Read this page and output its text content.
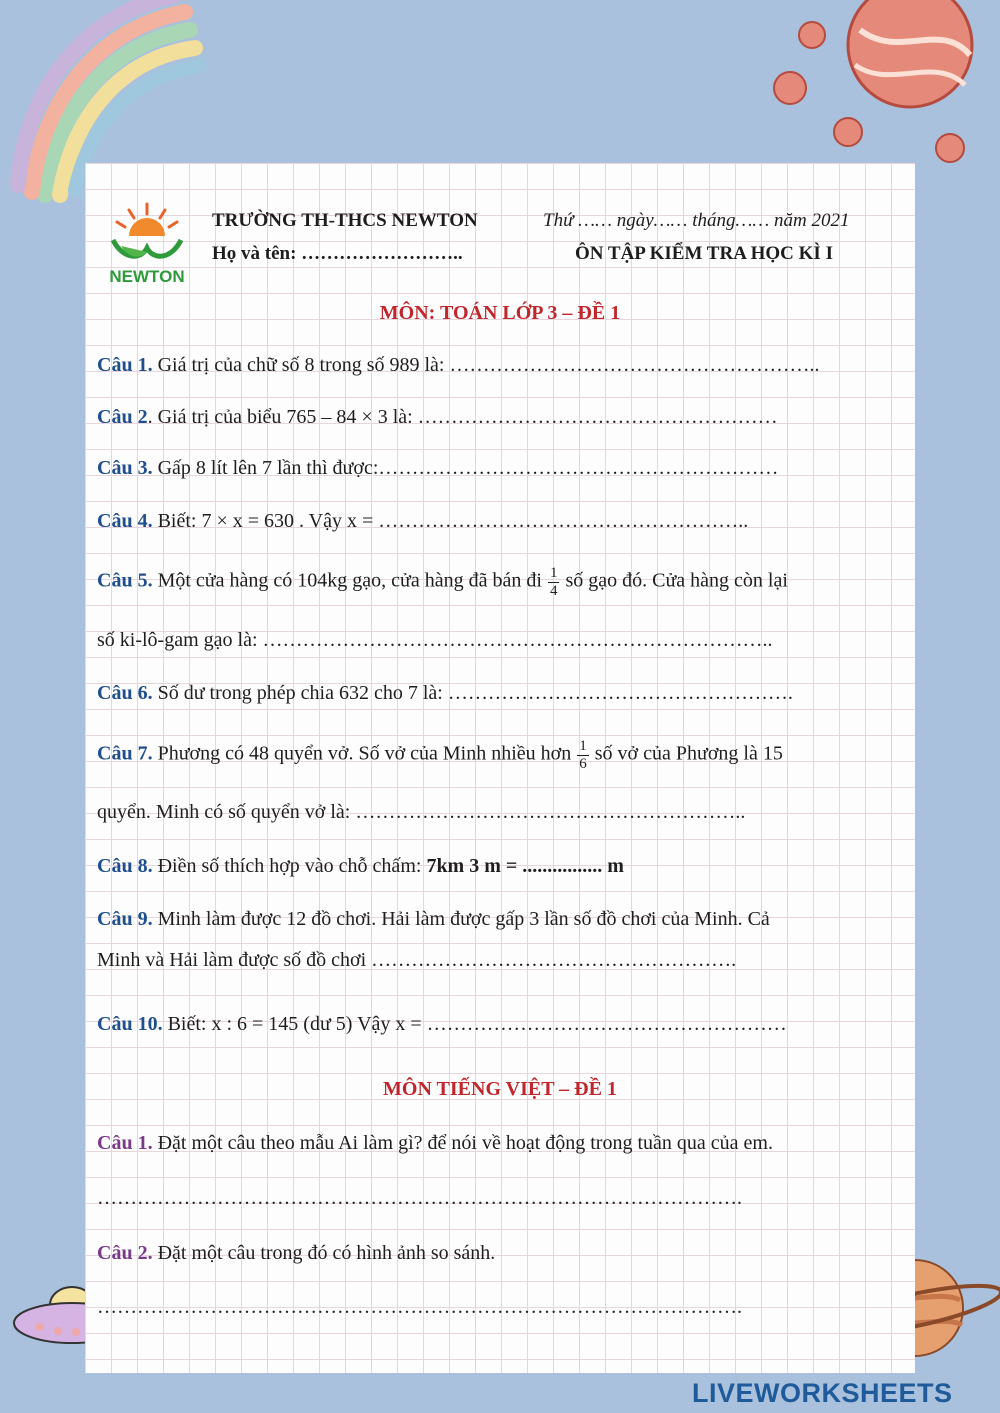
NEWTON
TRƯỜNG TH-THCS NEWTON
Họ và tên: ……………………..
Thứ …… ngày…… tháng…… năm 2021
ÔN TẬP KIỂM TRA HỌC KÌ I
MÔN: TOÁN LỚP 3 – ĐỀ 1
Câu 1. Giá trị của chữ số 8 trong số 989 là: ………………………………………………..
Câu 2. Giá trị của biểu 765 – 84 × 3 là: ………………………………………………
Câu 3. Gấp 8 lít lên 7 lần thì được:……………………………………………………
Câu 4. Biết: 7 × x = 630 . Vậy x = ………………………………………………..
Câu 5. Một cửa hàng có 104kg gạo, cửa hàng đã bán đi $\frac{1}{4}$ số gạo đó. Cửa hàng còn lại
số ki-lô-gam gạo là: …………………………………………………………………..
Câu 6. Số dư trong phép chia 632 cho 7 là: …………………………………………….
Câu 7. Phương có 48 quyển vở. Số vở của Minh nhiều hơn $\frac{1}{6}$ số vở của Phương là 15
quyển. Minh có số quyển vở là: …………………………………………………..
Câu 8. Điền số thích hợp vào chỗ chấm: 7km 3 m = ................ m
Câu 9. Minh làm được 12 đồ chơi. Hải làm được gấp 3 lần số đồ chơi của Minh. Cả
Minh và Hải làm được số đồ chơi ……………………………………………….
Câu 10. Biết: x : 6 = 145 (dư 5) Vậy x = ………………………………………………
MÔN TIẾNG VIỆT – ĐỀ 1
Câu 1. Đặt một câu theo mẫu Ai làm gì? để nói về hoạt động trong tuần qua của em.
…………………………………………………………………………………….
Câu 2. Đặt một câu trong đó có hình ảnh so sánh.
…………………………………………………………………………………….
LIVEWORKSHEETS
